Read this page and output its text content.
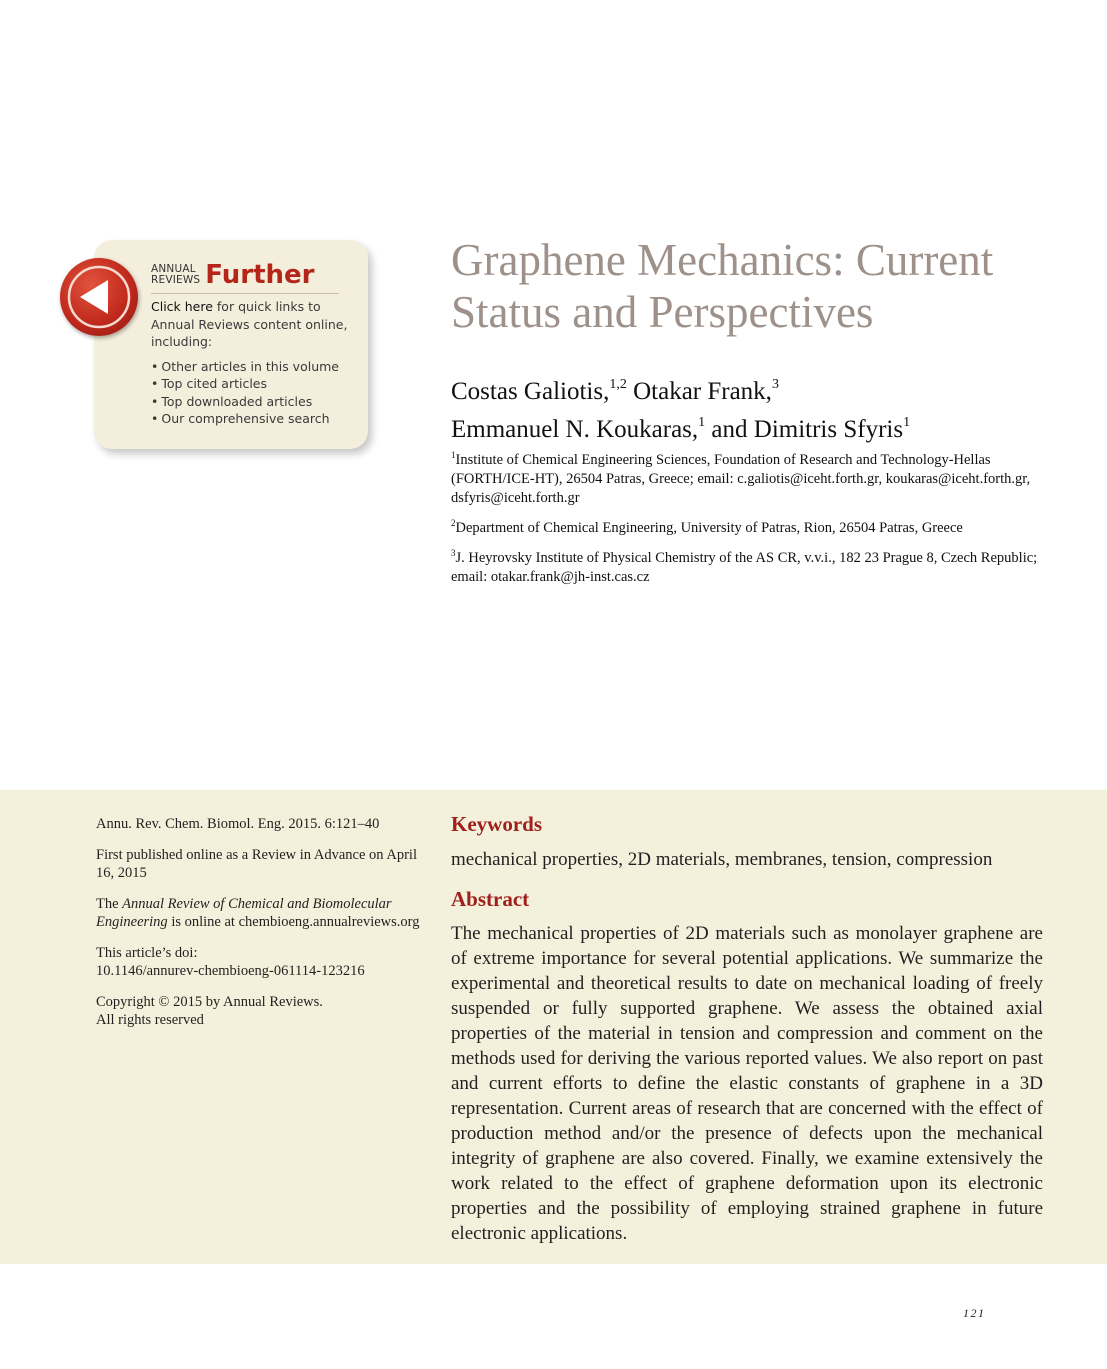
ANNUAL
REVIEWS Further
Click here for quick links to Annual Reviews content online, including:
• Other articles in this volume
• Top cited articles
• Top downloaded articles
• Our comprehensive search
Graphene Mechanics: Current
Status and Perspectives
Costas Galiotis,$^{1,2}$ Otakar Frank,$^3$
Emmanuel N. Koukaras,$^1$ and Dimitris Sfyris$^1$

$^1$Institute of Chemical Engineering Sciences, Foundation of Research and Technology-Hellas (FORTH/ICE-HT), 26504 Patras, Greece; email: c.galiotis@iceht.forth.gr, koukaras@iceht.forth.gr, dsfyris@iceht.forth.gr

$^2$Department of Chemical Engineering, University of Patras, Rion, 26504 Patras, Greece

$^3$J. Heyrovsky Institute of Physical Chemistry of the AS CR, v.v.i., 182 23 Prague 8, Czech Republic; email: otakar.frank@jh-inst.cas.cz

Annu. Rev. Chem. Biomol. Eng. 2015. 6:121–40

First published online as a Review in Advance on April 16, 2015

The Annual Review of Chemical and Biomolecular Engineering is online at chembioeng.annualreviews.org

This article’s doi:
10.1146/annurev-chembioeng-061114-123216

Copyright © 2015 by Annual Reviews.
All rights reserved

Keywords
mechanical properties, 2D materials, membranes, tension, compression
Abstract

The mechanical properties of 2D materials such as monolayer graphene are of extreme importance for several potential applications. We summarize the experimental and theoretical results to date on mechanical loading of freely suspended or fully supported graphene. We assess the obtained axial properties of the material in tension and compression and comment on the methods used for deriving the various reported values. We also report on past and current efforts to define the elastic constants of graphene in a 3D representation. Current areas of research that are concerned with the effect of production method and/or the presence of defects upon the mechanical integrity of graphene are also covered. Finally, we examine extensively the work related to the effect of graphene deformation upon its electronic properties and the possibility of employing strained graphene in future electronic applications.

121
